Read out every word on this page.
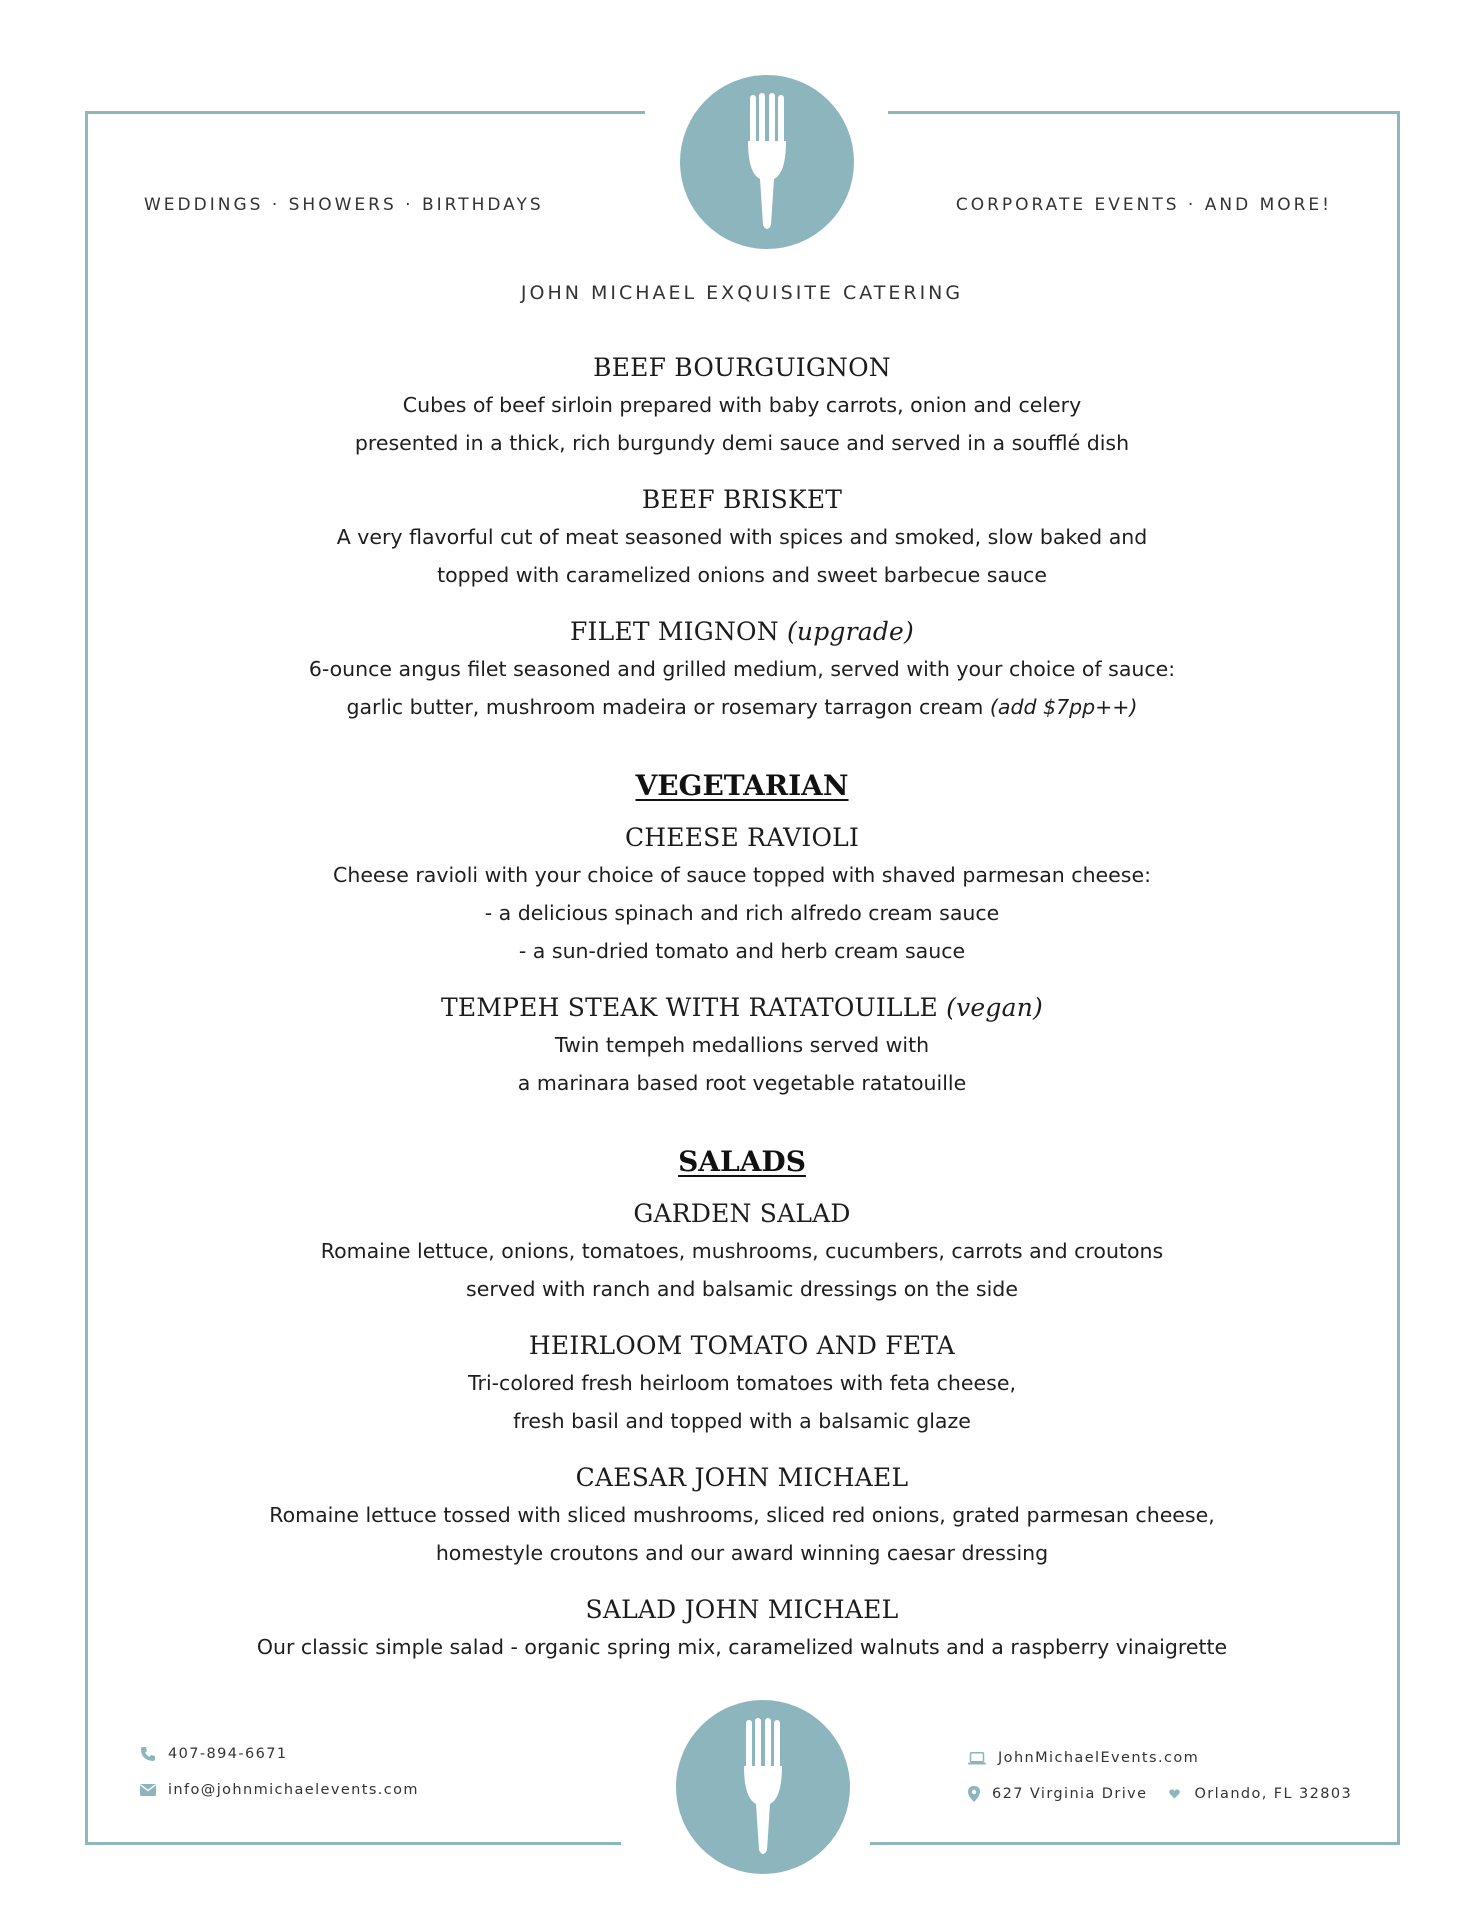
WEDDINGS · SHOWERS · BIRTHDAYS	CORPORATE EVENTS · AND MORE!
JOHN MICHAEL EXQUISITE CATERING
BEEF BOURGUIGNON
Cubes of beef sirloin prepared with baby carrots, onion and celery
presented in a thick, rich burgundy demi sauce and served in a soufflé dish
BEEF BRISKET
A very flavorful cut of meat seasoned with spices and smoked, slow baked and
topped with caramelized onions and sweet barbecue sauce
FILET MIGNON (upgrade)
6-ounce angus filet seasoned and grilled medium, served with your choice of sauce:
garlic butter, mushroom madeira or rosemary tarragon cream (add $7pp++)
VEGETARIAN
CHEESE RAVIOLI
Cheese ravioli with your choice of sauce topped with shaved parmesan cheese:
- a delicious spinach and rich alfredo cream sauce
- a sun-dried tomato and herb cream sauce
TEMPEH STEAK WITH RATATOUILLE (vegan)
Twin tempeh medallions served with
a marinara based root vegetable ratatouille
SALADS
GARDEN SALAD
Romaine lettuce, onions, tomatoes, mushrooms, cucumbers, carrots and croutons
served with ranch and balsamic dressings on the side
HEIRLOOM TOMATO AND FETA
Tri-colored fresh heirloom tomatoes with feta cheese,
fresh basil and topped with a balsamic glaze
CAESAR JOHN MICHAEL
Romaine lettuce tossed with sliced mushrooms, sliced red onions, grated parmesan cheese,
homestyle croutons and our award winning caesar dressing
SALAD JOHN MICHAEL
Our classic simple salad - organic spring mix, caramelized walnuts and a raspberry vinaigrette
407-894-6671
info@johnmichaelevents.com
JohnMichaelEvents.com
627 Virginia Drive	Orlando, FL 32803
